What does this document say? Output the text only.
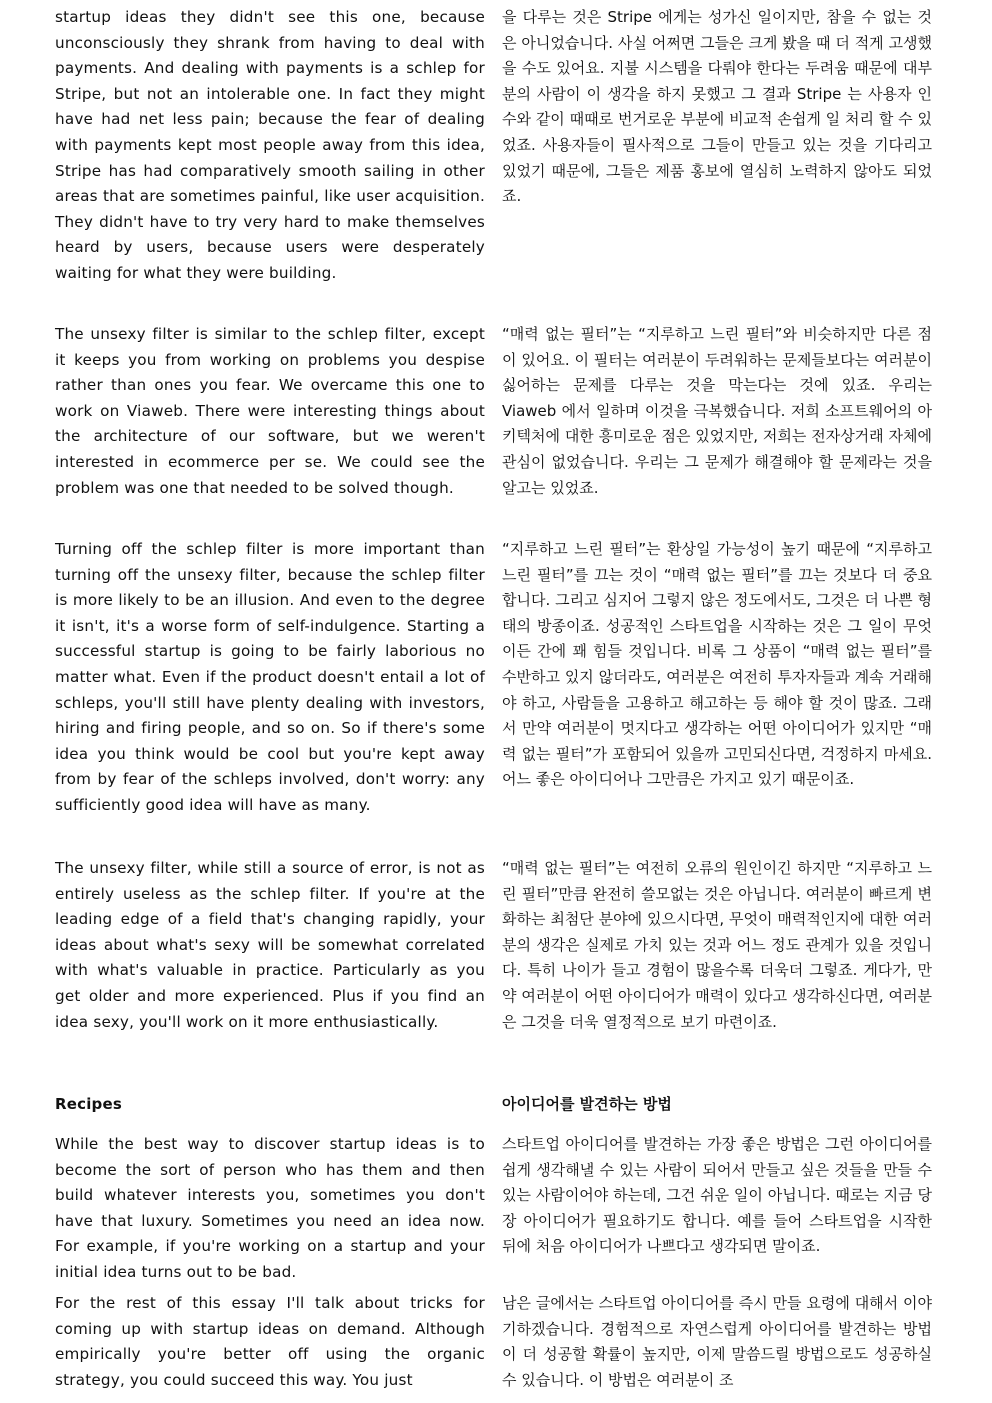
startup ideas they didn't see this one, because unconsciously they shrank from having to deal with payments. And dealing with payments is a schlep for Stripe, but not an intolerable one. In fact they might have had net less pain; because the fear of dealing with payments kept most people away from this idea, Stripe has had comparatively smooth sailing in other areas that are sometimes painful, like user acquisition. They didn't have to try very hard to make themselves heard by users, because users were desperately waiting for what they were building.

The unsexy filter is similar to the schlep filter, except it keeps you from working on problems you despise rather than ones you fear. We overcame this one to work on Viaweb. There were interesting things about the architecture of our software, but we weren't interested in ecommerce per se. We could see the problem was one that needed to be solved though.

Turning off the schlep filter is more important than turning off the unsexy filter, because the schlep filter is more likely to be an illusion. And even to the degree it isn't, it's a worse form of self-indulgence. Starting a successful startup is going to be fairly laborious no matter what. Even if the product doesn't entail a lot of schleps, you'll still have plenty dealing with investors, hiring and firing people, and so on. So if there's some idea you think would be cool but you're kept away from by fear of the schleps involved, don't worry: any sufficiently good idea will have as many.

The unsexy filter, while still a source of error, is not as entirely useless as the schlep filter. If you're at the leading edge of a field that's changing rapidly, your ideas about what's sexy will be somewhat correlated with what's valuable in practice. Particularly as you get older and more experienced. Plus if you find an idea sexy, you'll work on it more enthusiastically.

Recipes

While the best way to discover startup ideas is to become the sort of person who has them and then build whatever interests you, sometimes you don't have that luxury. Sometimes you need an idea now. For example, if you're working on a startup and your initial idea turns out to be bad.

For the rest of this essay I'll talk about tricks for coming up with startup ideas on demand. Although empirically you're better off using the organic strategy, you could succeed this way. You just

을 다루는 것은 Stripe 에게는 성가신 일이지만, 참을 수 없는 것은 아니었습니다. 사실 어쩌면 그들은 크게 봤을 때 더 적게 고생했을 수도 있어요. 지불 시스템을 다뤄야 한다는 두려움 때문에 대부분의 사람이 이 생각을 하지 못했고 그 결과 Stripe 는 사용자 인수와 같이 때때로 번거로운 부분에 비교적 손쉽게 일 처리 할 수 있었죠. 사용자들이 필사적으로 그들이 만들고 있는 것을 기다리고 있었기 때문에, 그들은 제품 홍보에 열심히 노력하지 않아도 되었죠.

“매력 없는 필터”는 “지루하고 느린 필터”와 비슷하지만 다른 점이 있어요. 이 필터는 여러분이 두려워하는 문제들보다는 여러분이 싫어하는 문제를 다루는 것을 막는다는 것에 있죠. 우리는 Viaweb 에서 일하며 이것을 극복했습니다. 저희 소프트웨어의 아키텍처에 대한 흥미로운 점은 있었지만, 저희는 전자상거래 자체에 관심이 없었습니다. 우리는 그 문제가 해결해야 할 문제라는 것을 알고는 있었죠.

“지루하고 느린 필터”는 환상일 가능성이 높기 때문에 “지루하고 느린 필터”를 끄는 것이 “매력 없는 필터”를 끄는 것보다 더 중요합니다. 그리고 심지어 그렇지 않은 정도에서도, 그것은 더 나쁜 형태의 방종이죠. 성공적인 스타트업을 시작하는 것은 그 일이 무엇이든 간에 꽤 힘들 것입니다. 비록 그 상품이 “매력 없는 필터”를 수반하고 있지 않더라도, 여러분은 여전히 투자자들과 계속 거래해야 하고, 사람들을 고용하고 해고하는 등 해야 할 것이 많죠. 그래서 만약 여러분이 멋지다고 생각하는 어떤 아이디어가 있지만 “매력 없는 필터”가 포함되어 있을까 고민되신다면, 걱정하지 마세요. 어느 좋은 아이디어나 그만큼은 가지고 있기 때문이죠.

“매력 없는 필터”는 여전히 오류의 원인이긴 하지만 “지루하고 느린 필터”만큼 완전히 쓸모없는 것은 아닙니다. 여러분이 빠르게 변화하는 최첨단 분야에 있으시다면, 무엇이 매력적인지에 대한 여러분의 생각은 실제로 가치 있는 것과 어느 정도 관계가 있을 것입니다. 특히 나이가 들고 경험이 많을수록 더욱더 그렇죠. 게다가, 만약 여러분이 어떤 아이디어가 매력이 있다고 생각하신다면, 여러분은 그것을 더욱 열정적으로 보기 마련이죠.

아이디어를 발견하는 방법

스타트업 아이디어를 발견하는 가장 좋은 방법은 그런 아이디어를 쉽게 생각해낼 수 있는 사람이 되어서 만들고 싶은 것들을 만들 수 있는 사람이어야 하는데, 그건 쉬운 일이 아닙니다. 때로는 지금 당장 아이디어가 필요하기도 합니다. 예를 들어 스타트업을 시작한 뒤에 처음 아이디어가 나쁘다고 생각되면 말이죠.

남은 글에서는 스타트업 아이디어를 즉시 만들 요령에 대해서 이야기하겠습니다. 경험적으로 자연스럽게 아이디어를 발견하는 방법이 더 성공할 확률이 높지만, 이제 말씀드릴 방법으로도 성공하실 수 있습니다. 이 방법은 여러분이 조
